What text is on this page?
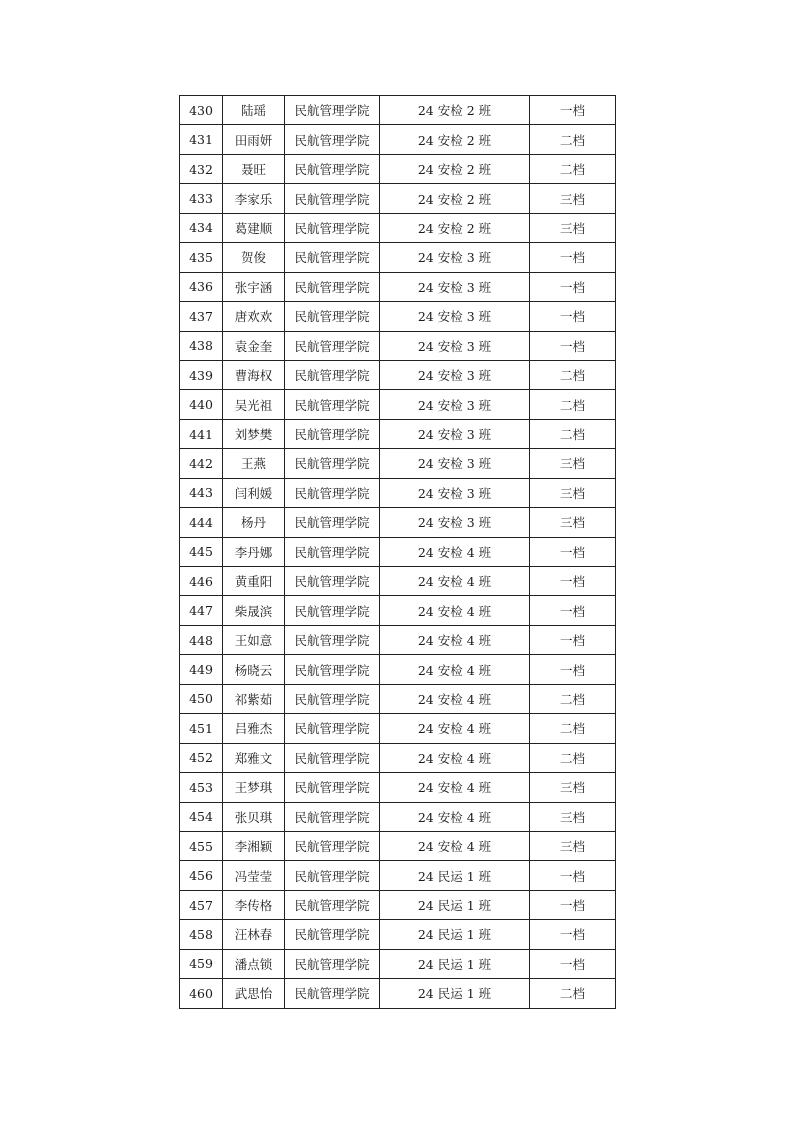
430	陆瑶	民航管理学院	24 安检 2 班	一档
431	田雨妍	民航管理学院	24 安检 2 班	二档
432	聂旺	民航管理学院	24 安检 2 班	二档
433	李家乐	民航管理学院	24 安检 2 班	三档
434	葛建顺	民航管理学院	24 安检 2 班	三档
435	贺俊	民航管理学院	24 安检 3 班	一档
436	张宇涵	民航管理学院	24 安检 3 班	一档
437	唐欢欢	民航管理学院	24 安检 3 班	一档
438	袁金奎	民航管理学院	24 安检 3 班	一档
439	曹海权	民航管理学院	24 安检 3 班	二档
440	吴光祖	民航管理学院	24 安检 3 班	二档
441	刘梦樊	民航管理学院	24 安检 3 班	二档
442	王燕	民航管理学院	24 安检 3 班	三档
443	闫利媛	民航管理学院	24 安检 3 班	三档
444	杨丹	民航管理学院	24 安检 3 班	三档
445	李丹娜	民航管理学院	24 安检 4 班	一档
446	黄重阳	民航管理学院	24 安检 4 班	一档
447	柴晟滨	民航管理学院	24 安检 4 班	一档
448	王如意	民航管理学院	24 安检 4 班	一档
449	杨晓云	民航管理学院	24 安检 4 班	一档
450	祁紫茹	民航管理学院	24 安检 4 班	二档
451	吕雅杰	民航管理学院	24 安检 4 班	二档
452	郑雅文	民航管理学院	24 安检 4 班	二档
453	王梦琪	民航管理学院	24 安检 4 班	三档
454	张贝琪	民航管理学院	24 安检 4 班	三档
455	李湘颖	民航管理学院	24 安检 4 班	三档
456	冯莹莹	民航管理学院	24 民运 1 班	一档
457	李传格	民航管理学院	24 民运 1 班	一档
458	汪林春	民航管理学院	24 民运 1 班	一档
459	潘点锁	民航管理学院	24 民运 1 班	一档
460	武思怡	民航管理学院	24 民运 1 班	二档
